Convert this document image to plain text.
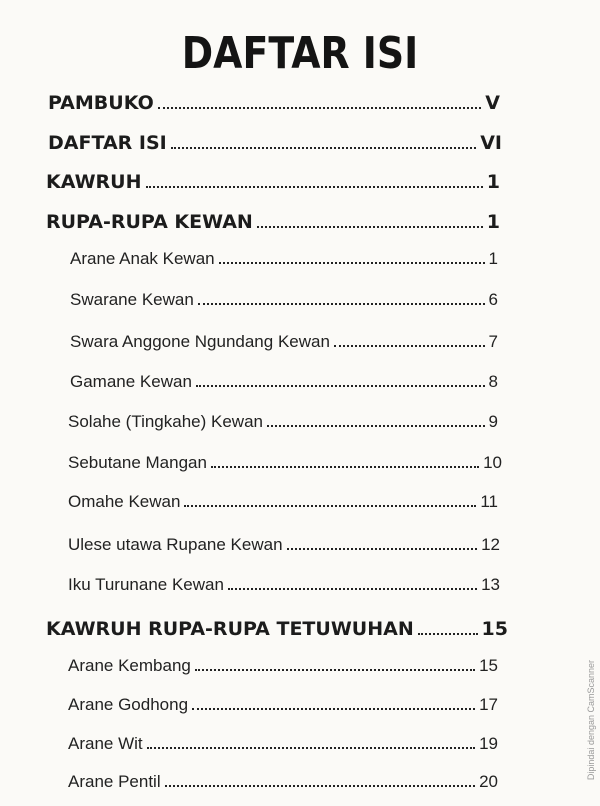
DAFTAR ISI
PAMBUKO	V
DAFTAR ISI	VI
KAWRUH	1
RUPA-RUPA KEWAN	1
Arane Anak Kewan	1
Swarane Kewan	6
Swara Anggone Ngundang Kewan	7
Gamane Kewan	8
Solahe (Tingkahe) Kewan	9
Sebutane Mangan	10
Omahe Kewan	11
Ulese utawa Rupane Kewan	12
Iku Turunane Kewan	13
KAWRUH RUPA-RUPA TETUWUHAN	15
Arane Kembang	15
Arane Godhong	17
Arane Wit	19
Arane Pentil	20
Dipindai dengan CamScanner
